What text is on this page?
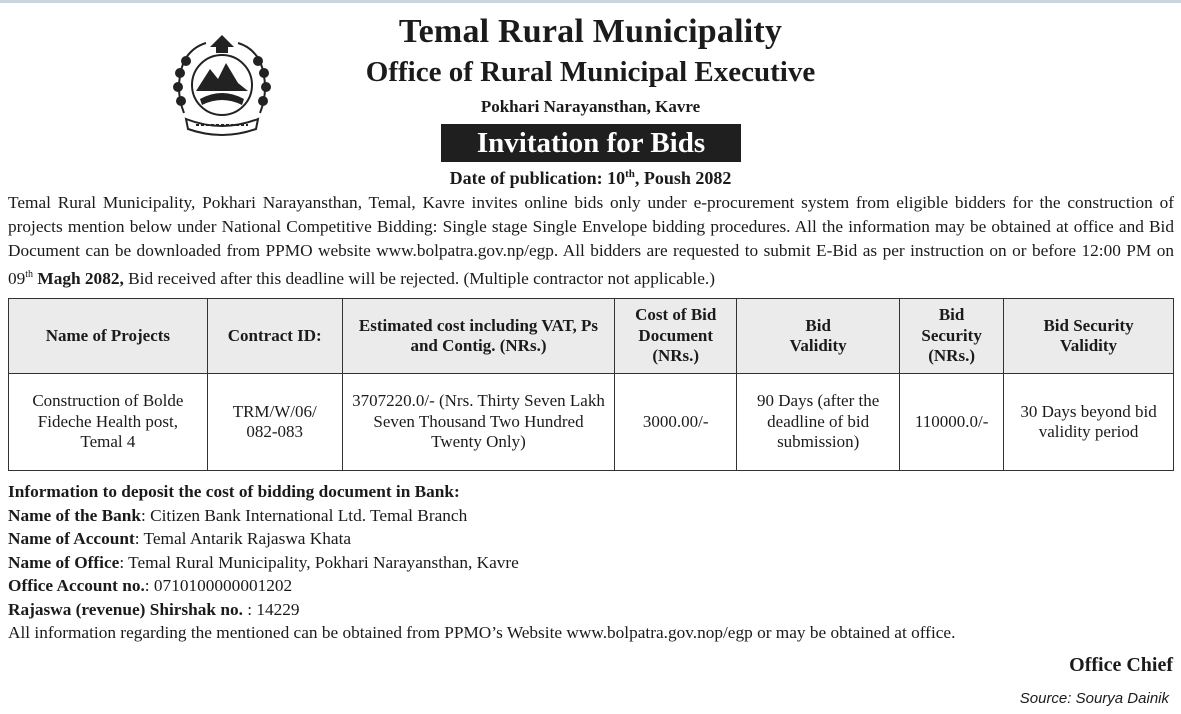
Temal Rural Municipality
Office of Rural Municipal Executive
Pokhari Narayansthan, Kavre
Invitation for Bids
Date of publication: 10th, Poush 2082
Temal Rural Municipality, Pokhari Narayansthan, Temal, Kavre invites online bids only under e-procurement system from eligible bidders for the construction of projects mention below under National Competitive Bidding: Single stage Single Envelope bidding procedures. All the information may be obtained at office and Bid Document can be downloaded from PPMO website www.bolpatra.gov.np/egp. All bidders are requested to submit E-Bid as per instruction on or before 12:00 PM on 09th Magh 2082, Bid received after this deadline will be rejected. (Multiple contractor not applicable.)
Name of Projects	Contract ID:	Estimated cost including VAT, Ps and Contig. (NRs.)	Cost of Bid Document (NRs.)	Bid Validity	Bid Security (NRs.)	Bid Security Validity
Construction of Bolde Fideche Health post, Temal 4	TRM/W/06/ 082-083	3707220.0/- (Nrs. Thirty Seven Lakh Seven Thousand Two Hundred Twenty Only)	3000.00/-	90 Days (after the deadline of bid submission)	110000.0/-	30 Days beyond bid validity period
Information to deposit the cost of bidding document in Bank:
Name of the Bank: Citizen Bank International Ltd. Temal Branch
Name of Account: Temal Antarik Rajaswa Khata
Name of Office: Temal Rural Municipality, Pokhari Narayansthan, Kavre
Office Account no.: 0710100000001202
Rajaswa (revenue) Shirshak no. : 14229
All information regarding the mentioned can be obtained from PPMO’s Website www.bolpatra.gov.nop/egp or may be obtained at office.
Office Chief
Source: Sourya Dainik
